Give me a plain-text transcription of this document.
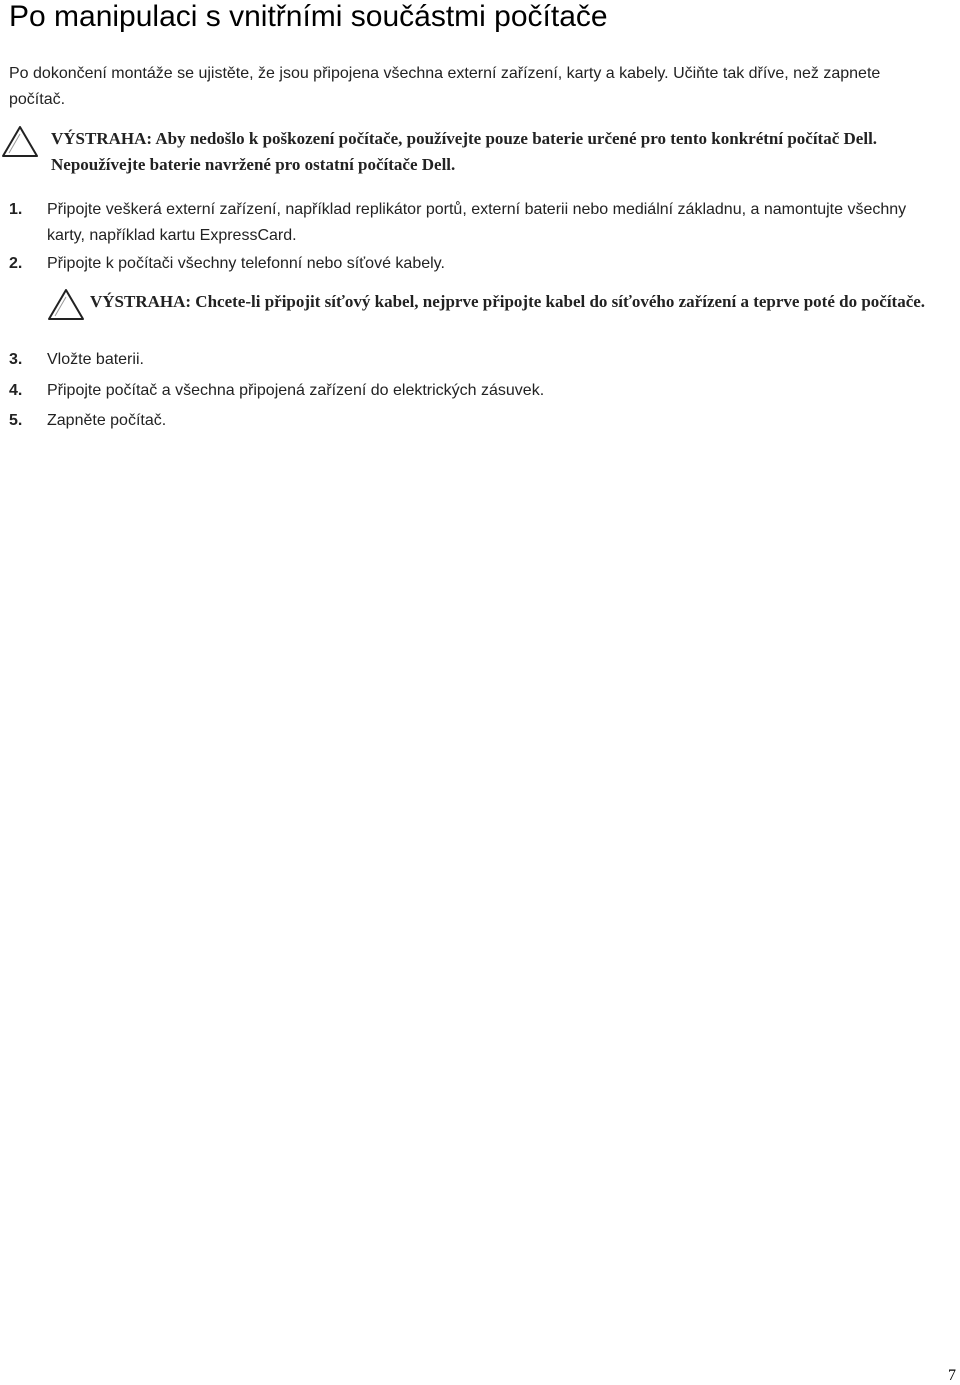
Po manipulaci s vnitřními součástmi počítače

Po dokončení montáže se ujistěte, že jsou připojena všechna externí zařízení, karty a kabely. Učiňte tak dříve, než zapnete počítač.

VÝSTRAHA: Aby nedošlo k poškození počítače, používejte pouze baterie určené pro tento konkrétní počítač Dell. Nepoužívejte baterie navržené pro ostatní počítače Dell.

1. Připojte veškerá externí zařízení, například replikátor portů, externí baterii nebo mediální základnu, a namontujte všechny karty, například kartu ExpressCard.
2. Připojte k počítači všechny telefonní nebo síťové kabely.

VÝSTRAHA: Chcete-li připojit síťový kabel, nejprve připojte kabel do síťového zařízení a teprve poté do počítače.

3. Vložte baterii.
4. Připojte počítač a všechna připojená zařízení do elektrických zásuvek.
5. Zapněte počítač.
7
